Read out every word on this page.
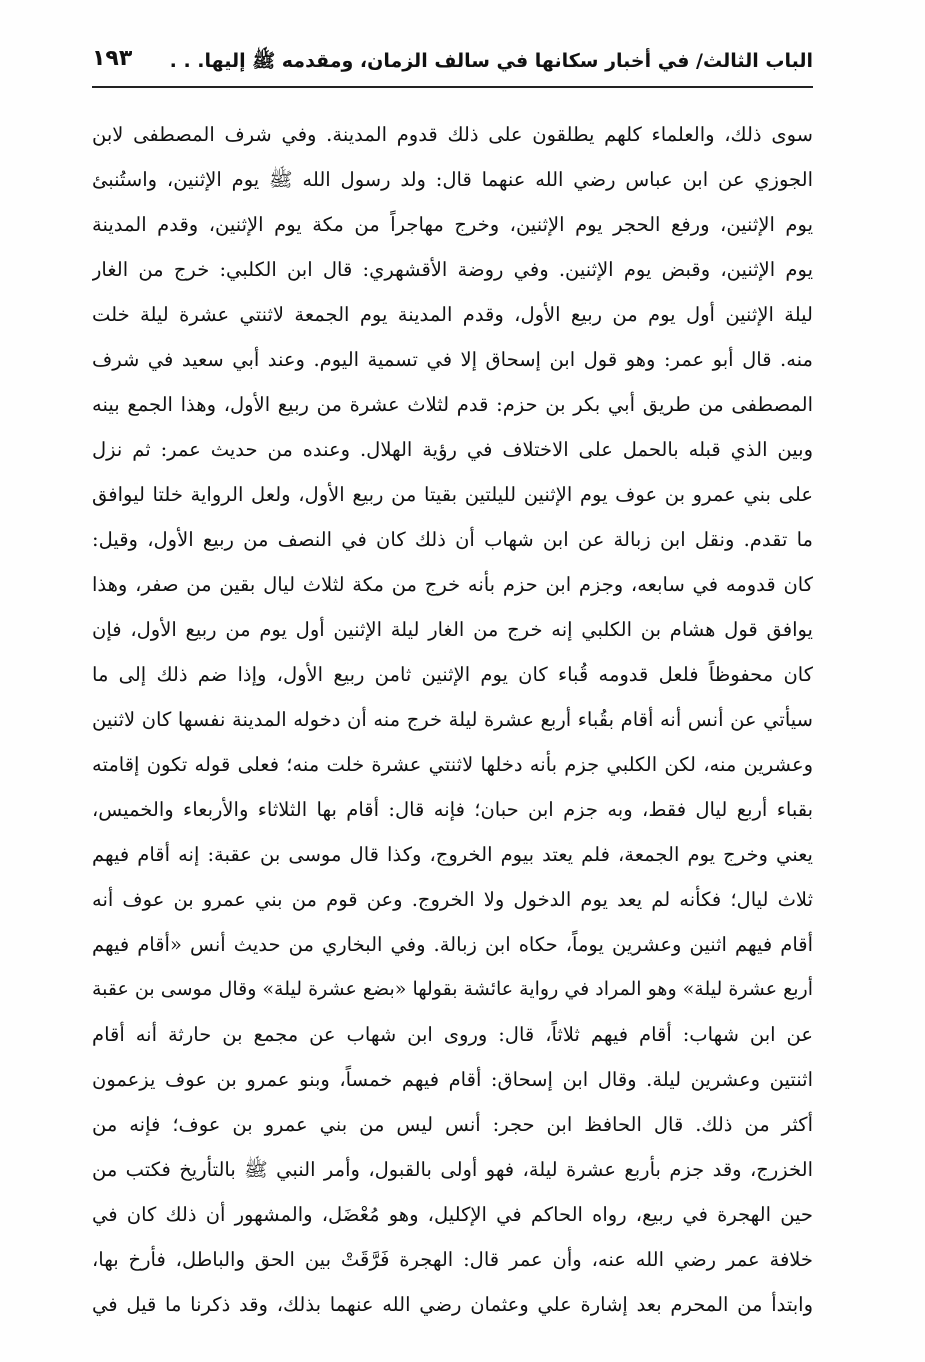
الباب الثالث/ في أخبار سكانها في سالف الزمان، ومقدمه ﷺ إليها. . .
١٩٣
سوى ذلك، والعلماء كلهم يطلقون على ذلك قدوم المدينة. وفي شرف المصطفى لابن
الجوزي عن ابن عباس رضي الله عنهما قال: ولد رسول الله ﷺ يوم الإثنين، واستُنبئ
يوم الإثنين، ورفع الحجر يوم الإثنين، وخرج مهاجراً من مكة يوم الإثنين، وقدم المدينة
يوم الإثنين، وقبض يوم الإثنين. وفي روضة الأقشهري: قال ابن الكلبي: خرج من الغار
ليلة الإثنين أول يوم من ربيع الأول، وقدم المدينة يوم الجمعة لاثنتي عشرة ليلة خلت
منه. قال أبو عمر: وهو قول ابن إسحاق إلا في تسمية اليوم. وعند أبي سعيد في شرف
المصطفى من طريق أبي بكر بن حزم: قدم لثلاث عشرة من ربيع الأول، وهذا الجمع بينه
وبين الذي قبله بالحمل على الاختلاف في رؤية الهلال. وعنده من حديث عمر: ثم نزل
على بني عمرو بن عوف يوم الإثنين لليلتين بقيتا من ربيع الأول، ولعل الرواية خلتا ليوافق
ما تقدم. ونقل ابن زبالة عن ابن شهاب أن ذلك كان في النصف من ربيع الأول، وقيل:
كان قدومه في سابعه، وجزم ابن حزم بأنه خرج من مكة لثلاث ليال بقين من صفر، وهذا
يوافق قول هشام بن الكلبي إنه خرج من الغار ليلة الإثنين أول يوم من ربيع الأول، فإن
كان محفوظاً فلعل قدومه قُباء كان يوم الإثنين ثامن ربيع الأول، وإذا ضم ذلك إلى ما
سيأتي عن أنس أنه أقام بقُباء أربع عشرة ليلة خرج منه أن دخوله المدينة نفسها كان لاثنين
وعشرين منه، لكن الكلبي جزم بأنه دخلها لاثنتي عشرة خلت منه؛ فعلى قوله تكون إقامته
بقباء أربع ليال فقط، وبه جزم ابن حبان؛ فإنه قال: أقام بها الثلاثاء والأربعاء والخميس،
يعني وخرج يوم الجمعة، فلم يعتد بيوم الخروج، وكذا قال موسى بن عقبة: إنه أقام فيهم
ثلاث ليال؛ فكأنه لم يعد يوم الدخول ولا الخروج. وعن قوم من بني عمرو بن عوف أنه
أقام فيهم اثنين وعشرين يوماً، حكاه ابن زبالة. وفي البخاري من حديث أنس «أقام فيهم
أربع عشرة ليلة» وهو المراد في رواية عائشة بقولها «بضع عشرة ليلة» وقال موسى بن عقبة
عن ابن شهاب: أقام فيهم ثلاثاً، قال: وروى ابن شهاب عن مجمع بن حارثة أنه أقام
اثنتين وعشرين ليلة. وقال ابن إسحاق: أقام فيهم خمساً، وبنو عمرو بن عوف يزعمون
أكثر من ذلك. قال الحافظ ابن حجر: أنس ليس من بني عمرو بن عوف؛ فإنه من
الخزرج، وقد جزم بأربع عشرة ليلة، فهو أولى بالقبول، وأمر النبي ﷺ بالتأريخ فكتب من
حين الهجرة في ربيع، رواه الحاكم في الإكليل، وهو مُعْضَل، والمشهور أن ذلك كان في
خلافة عمر رضي الله عنه، وأن عمر قال: الهجرة فَرَّقَتْ بين الحق والباطل، فأرخ بها،
وابتدأ من المحرم بعد إشارة علي وعثمان رضي الله عنهما بذلك، وقد ذكرنا ما قيل في
